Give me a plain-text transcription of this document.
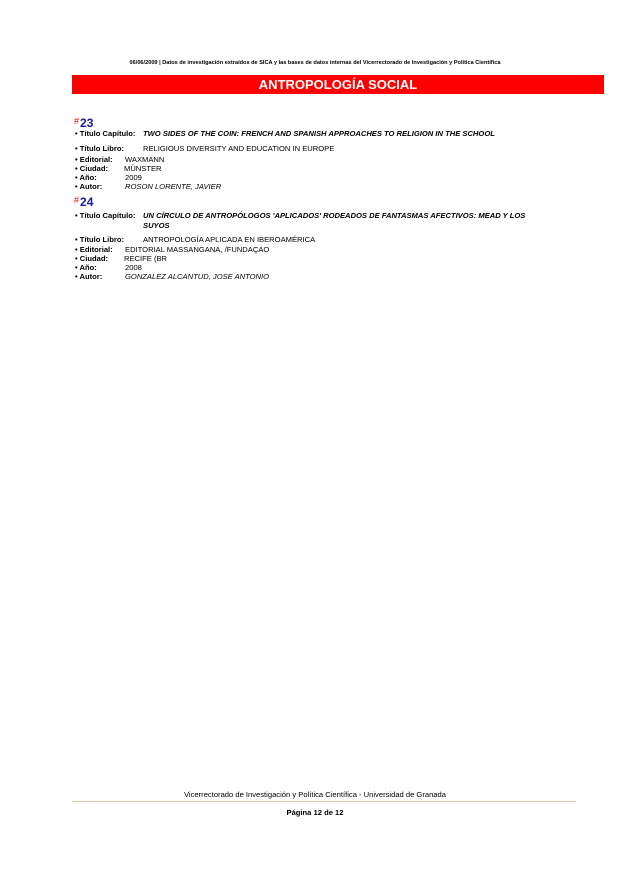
06/06/2009 | Datos de investigación extraídos de SICA y las bases de datos internas del Vicerrectorado de Investigación y Política Científica
ANTROPOLOGÍA SOCIAL
#23
• Título Capítulo: TWO SIDES OF THE COIN: FRENCH AND SPANISH APPROACHES TO RELIGION IN THE SCHOOL
• Título Libro: RELIGIOUS DIVERSITY AND EDUCATION IN EUROPE
• Editorial: WAXMANN
• Ciudad: MÜNSTER
• Año:	2009
• Autor:	ROSON LORENTE, JAVIER
#24
• Título Capítulo: UN CÍRCULO DE ANTROPÓLOGOS 'APLICADOS' RODEADOS DE FANTASMAS AFECTIVOS: MEAD Y LOS
SUYOS
• Título Libro: ANTROPOLOGÍA APLICADA EN IBEROAMÉRICA
• Editorial: EDITORIAL MASSANGANA, /FUNDAÇAO
• Ciudad: RECIFE (BR
• Año:	2008
• Autor:	GONZALEZ ALCANTUD, JOSE ANTONIO
Vicerrectorado de Investigación y Política Científica - Universidad de Granada
Página 12 de 12
